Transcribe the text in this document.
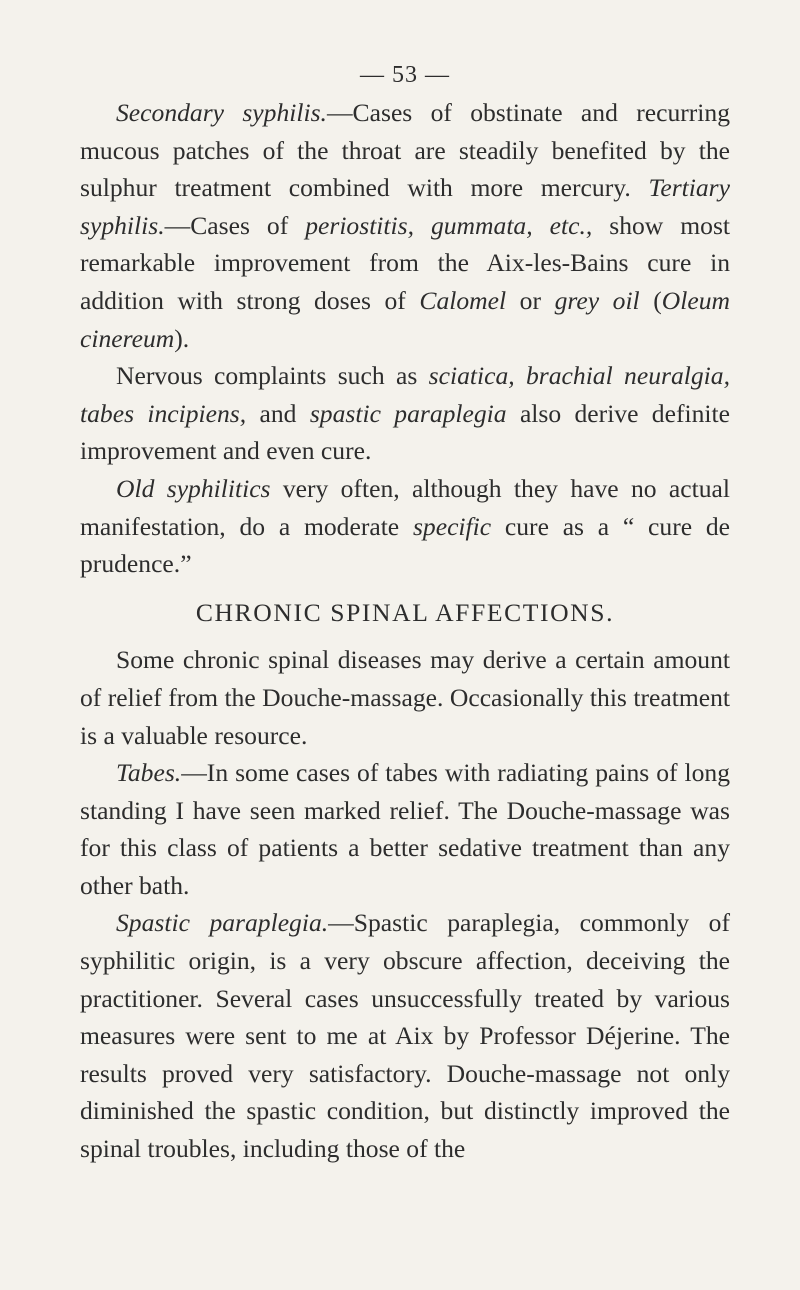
— 53 —

Secondary syphilis.—Cases of obstinate and recurring mucous patches of the throat are steadily benefited by the sulphur treatment combined with more mercury. Tertiary syphilis.—Cases of periostitis, gummata, etc., show most remarkable improvement from the Aix-les-Bains cure in addition with strong doses of Calomel or grey oil (Oleum cinereum).

Nervous complaints such as sciatica, brachial neuralgia, tabes incipiens, and spastic paraplegia also derive definite improvement and even cure.

Old syphilitics very often, although they have no actual manifestation, do a moderate specific cure as a “ cure de prudence.”

CHRONIC SPINAL AFFECTIONS.

Some chronic spinal diseases may derive a certain amount of relief from the Douche-massage. Occasionally this treatment is a valuable resource.

Tabes.—In some cases of tabes with radiating pains of long standing I have seen marked relief. The Douche-massage was for this class of patients a better sedative treatment than any other bath.

Spastic paraplegia.—Spastic paraplegia, commonly of syphilitic origin, is a very obscure affection, deceiving the practitioner. Several cases unsuccessfully treated by various measures were sent to me at Aix by Professor Déjerine. The results proved very satisfactory. Douche-massage not only diminished the spastic condition, but distinctly improved the spinal troubles, including those of the
